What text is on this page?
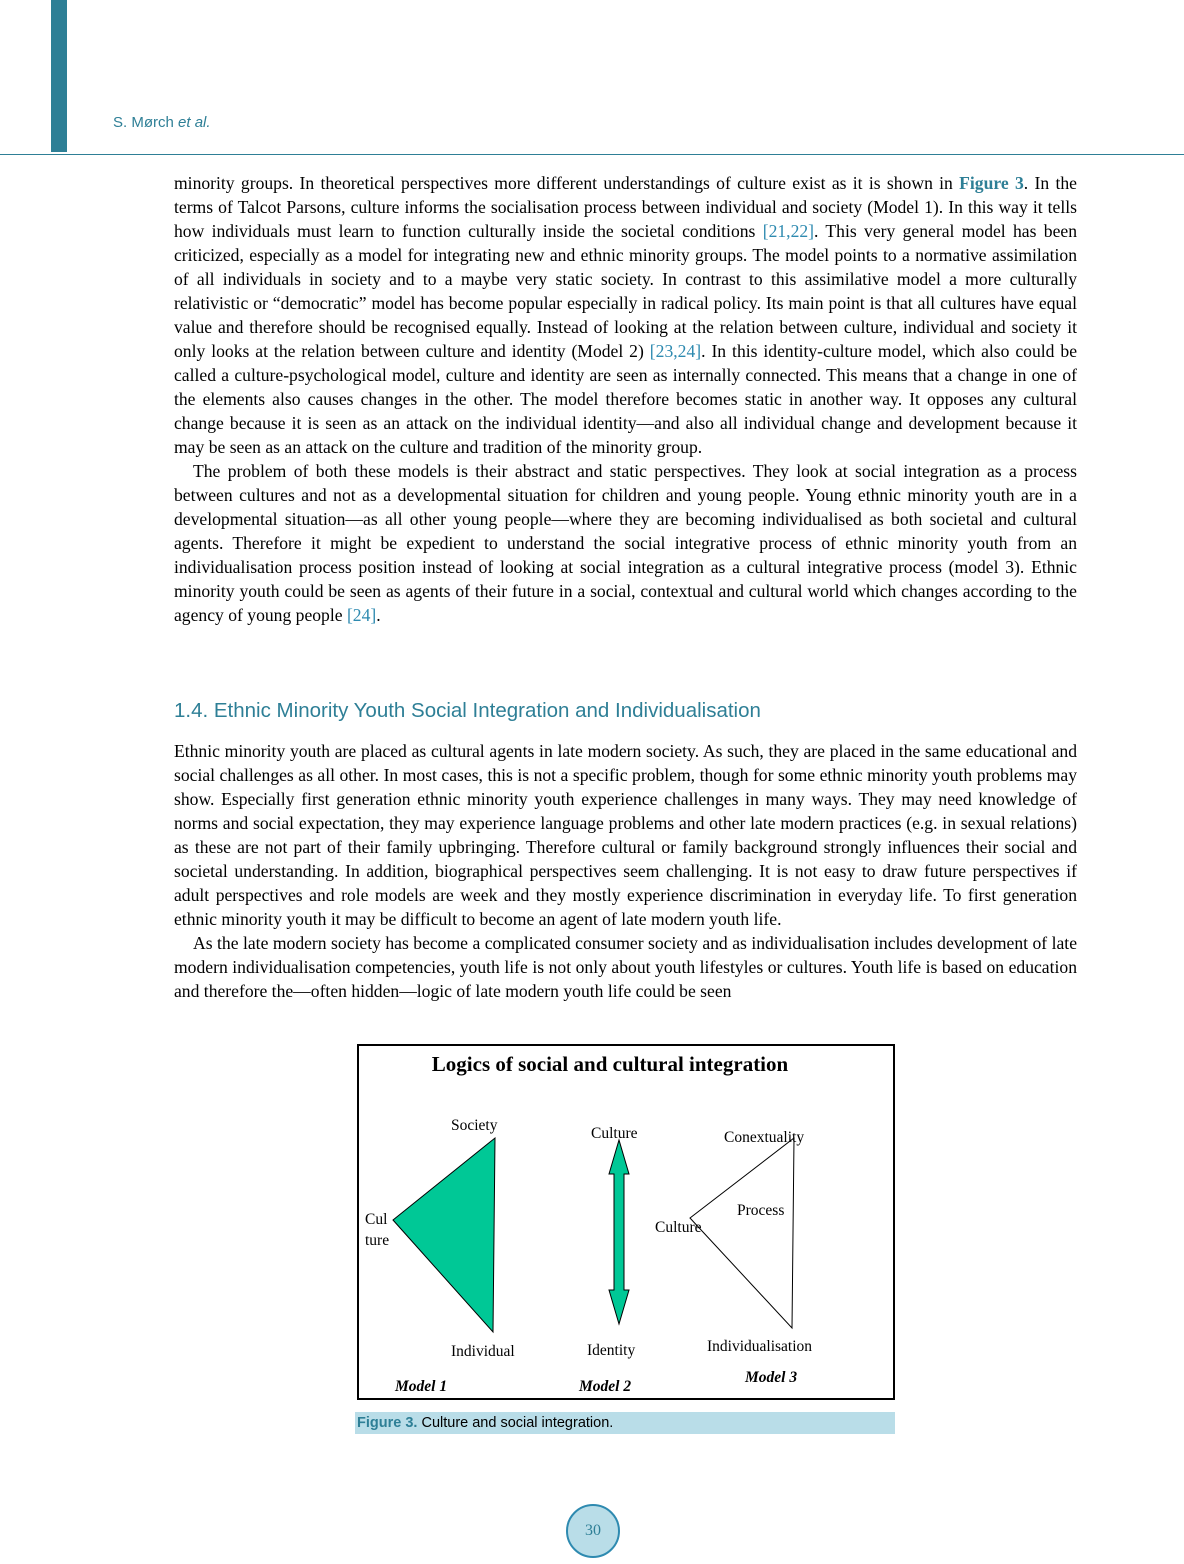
S. Mørch et al.

minority groups. In theoretical perspectives more different understandings of culture exist as it is shown in Figure 3. In the terms of Talcot Parsons, culture informs the socialisation process between individual and society (Model 1). In this way it tells how individuals must learn to function culturally inside the societal conditions [21,22]. This very general model has been criticized, especially as a model for integrating new and ethnic minority groups. The model points to a normative assimilation of all individuals in society and to a maybe very static society. In contrast to this assimilative model a more culturally relativistic or “democratic” model has become popular especially in radical policy. Its main point is that all cultures have equal value and therefore should be recognised equally. Instead of looking at the relation between culture, individual and society it only looks at the relation between culture and identity (Model 2) [23,24]. In this identity-culture model, which also could be called a culture-psychological model, culture and identity are seen as internally connected. This means that a change in one of the elements also causes changes in the other. The model therefore becomes static in another way. It opposes any cultural change because it is seen as an attack on the individual identity—and also all individual change and development because it may be seen as an attack on the culture and tradition of the minority group.

The problem of both these models is their abstract and static perspectives. They look at social integration as a process between cultures and not as a developmental situation for children and young people. Young ethnic minority youth are in a developmental situation—as all other young people—where they are becoming individualised as both societal and cultural agents. Therefore it might be expedient to understand the social integrative process of ethnic minority youth from an individualisation process position instead of looking at social integration as a cultural integrative process (model 3). Ethnic minority youth could be seen as agents of their future in a social, contextual and cultural world which changes according to the agency of young people [24].

1.4. Ethnic Minority Youth Social Integration and Individualisation

Ethnic minority youth are placed as cultural agents in late modern society. As such, they are placed in the same educational and social challenges as all other. In most cases, this is not a specific problem, though for some ethnic minority youth problems may show. Especially first generation ethnic minority youth experience challenges in many ways. They may need knowledge of norms and social expectation, they may experience language problems and other late modern practices (e.g. in sexual relations) as these are not part of their family upbringing. Therefore cultural or family background strongly influences their social and societal understanding. In addition, biographical perspectives seem challenging. It is not easy to draw future perspectives if adult perspectives and role models are week and they mostly experience discrimination in everyday life. To first generation ethnic minority youth it may be difficult to become an agent of late modern youth life.

As the late modern society has become a complicated consumer society and as individualisation includes development of late modern individualisation competencies, youth life is not only about youth lifestyles or cultures. Youth life is based on education and therefore the—often hidden—logic of late modern youth life could be seen

Logics of social and cultural integration
Society
Cul
ture
Individual
Model 1
Culture
Identity
Model 2
Conextuality
Process
Culture
Individualisation
Model 3
Figure 3. Culture and social integration.
30
